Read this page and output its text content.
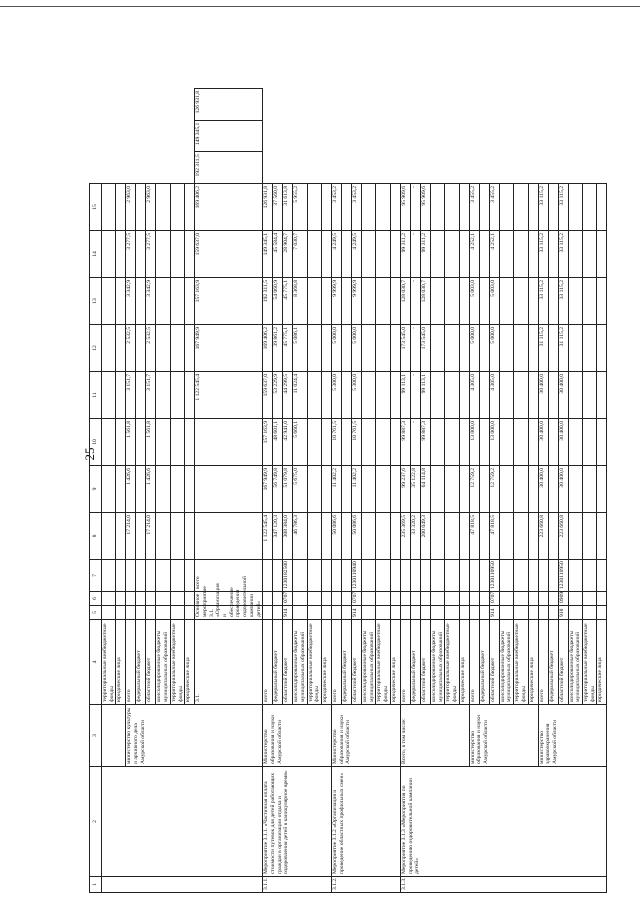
25
1	2	3	4	5	6	7	8	9	10	11	12	13	14	15			
			территориальные внебюджетные фонды														
			юридические лица														
		министерство культуры и архивного дела Амурской области	всего				17 214,0	1 426,6	1 561,8	3 151,7	2 532,5	3 342,9	3 277,5	2 963,0			
			федеральный бюджет														
			областной бюджет				17 214,0	1 426,6	1 561,8	3 151,7	2 532,5	3 342,9	3 277,5	2 963,0			
			консолидированные бюджеты муниципальных образований														

			территориальные внебюджетные фонды														

			юридические лица														
			3.1.	Основное мероприятие 3.1. «Организация и обеспечение проведения оздоровительной кампании детей»		всего				1 122 545,4	167 949,9	157 163,9	159 637,0	169 406,2	192 311,5	149 345,1	126 931,8
3.1.1.	Мероприятие 3.1.1. «Частичная оплата стоимости путевок для детей работающих граждан в организации отдыха и оздоровления детей в каникулярное время»	Министерство образования и науки Амурской области	всего				1 122 545,4	167 949,9	157 163,9	159 637,0	169 406,2	192 311,5	149 345,1	126 931,8			
			федеральный бюджет				347 120,3	56 749,8	48 601,1	53 229,9	39 861,2	54 060,9	45 584,4	37 560,0			
			областной бюджет	914	0707	1230182500	308 384,0	51 079,8	42 941,0	44 299,5	45 775,1	45 775,1	28 904,7	31 613,8			
			консолидированные бюджеты муниципальных образований				46 786,3	5 675,0	5 660,1	11 024,4	5 086,1	8 368,8	7 030,7	5 955,2			

			территориальные внебюджетные фонды														
			юридические лица														
3.1.2.	Мероприятие 3.1.2 «Организация и проведение областных профильных смен»	Министерство образования и науки Амурской области	всего				50 086,6	11 402,2	10 761,5	5 300,0	5 000,0	9 999,9	4 249,5	3 453,2			
			федеральный бюджет														
			областной бюджет	914	0707	1230110940	50 086,6	11 402,2	10 761,5	5 300,0	5 000,0	9 999,9	4 249,5	3 453,2			
			консолидированные бюджеты муниципальных образований														

			территориальные внебюджетные фонды														
			юридические лица														
3.1.3.	Мероприятие 3.1.3 «Мероприятия по проведению оздоровительной кампании детей»	Всего, в том числе:	всего				235 369,5	99 237,6	99 887,3	99 113,1	173 545,0	128 030,7	99 311,2	95 909,6			
			федеральный бюджет				33 320,2	35 122,8	-	-	-	-	-	-			
			областной бюджет				200 049,3	64 114,8	99 887,3	99 113,1	173 545,0	128 030,7	99 311,2	95 909,6			
			консолидированные бюджеты муниципальных образований														

			территориальные внебюджетные фонды														
			юридические лица														
		министерство образования и науки Амурской области	всего				47 818,5	12 759,2	13 000,0	4 305,0	5 000,0	5 003,0	4 252,1	3 455,2			
			федеральный бюджет														
			областной бюджет	914	0707	1230110950	47 818,5	12 759,2	13 000,0	4 305,0	5 000,0	5 003,0	4 252,1	3 455,2			
			консолидированные бюджеты муниципальных образований														

			территориальные внебюджетные фонды														
			юридические лица														
		министерство здравоохранения Амурской области	всего				223 660,8	30 400,0	30 400,0	30 400,0	31 115,2	33 115,2	33 115,2	33 115,2			
			федеральный бюджет														
			областной бюджет	918	0909	1230110950	223 660,8	30 400,0	30 400,0	30 400,0	31 115,2	33 115,2	33 115,2	33 115,2			
			консолидированные бюджеты муниципальных образований														
			территориальные внебюджетные фонды														
			юридические лица														
